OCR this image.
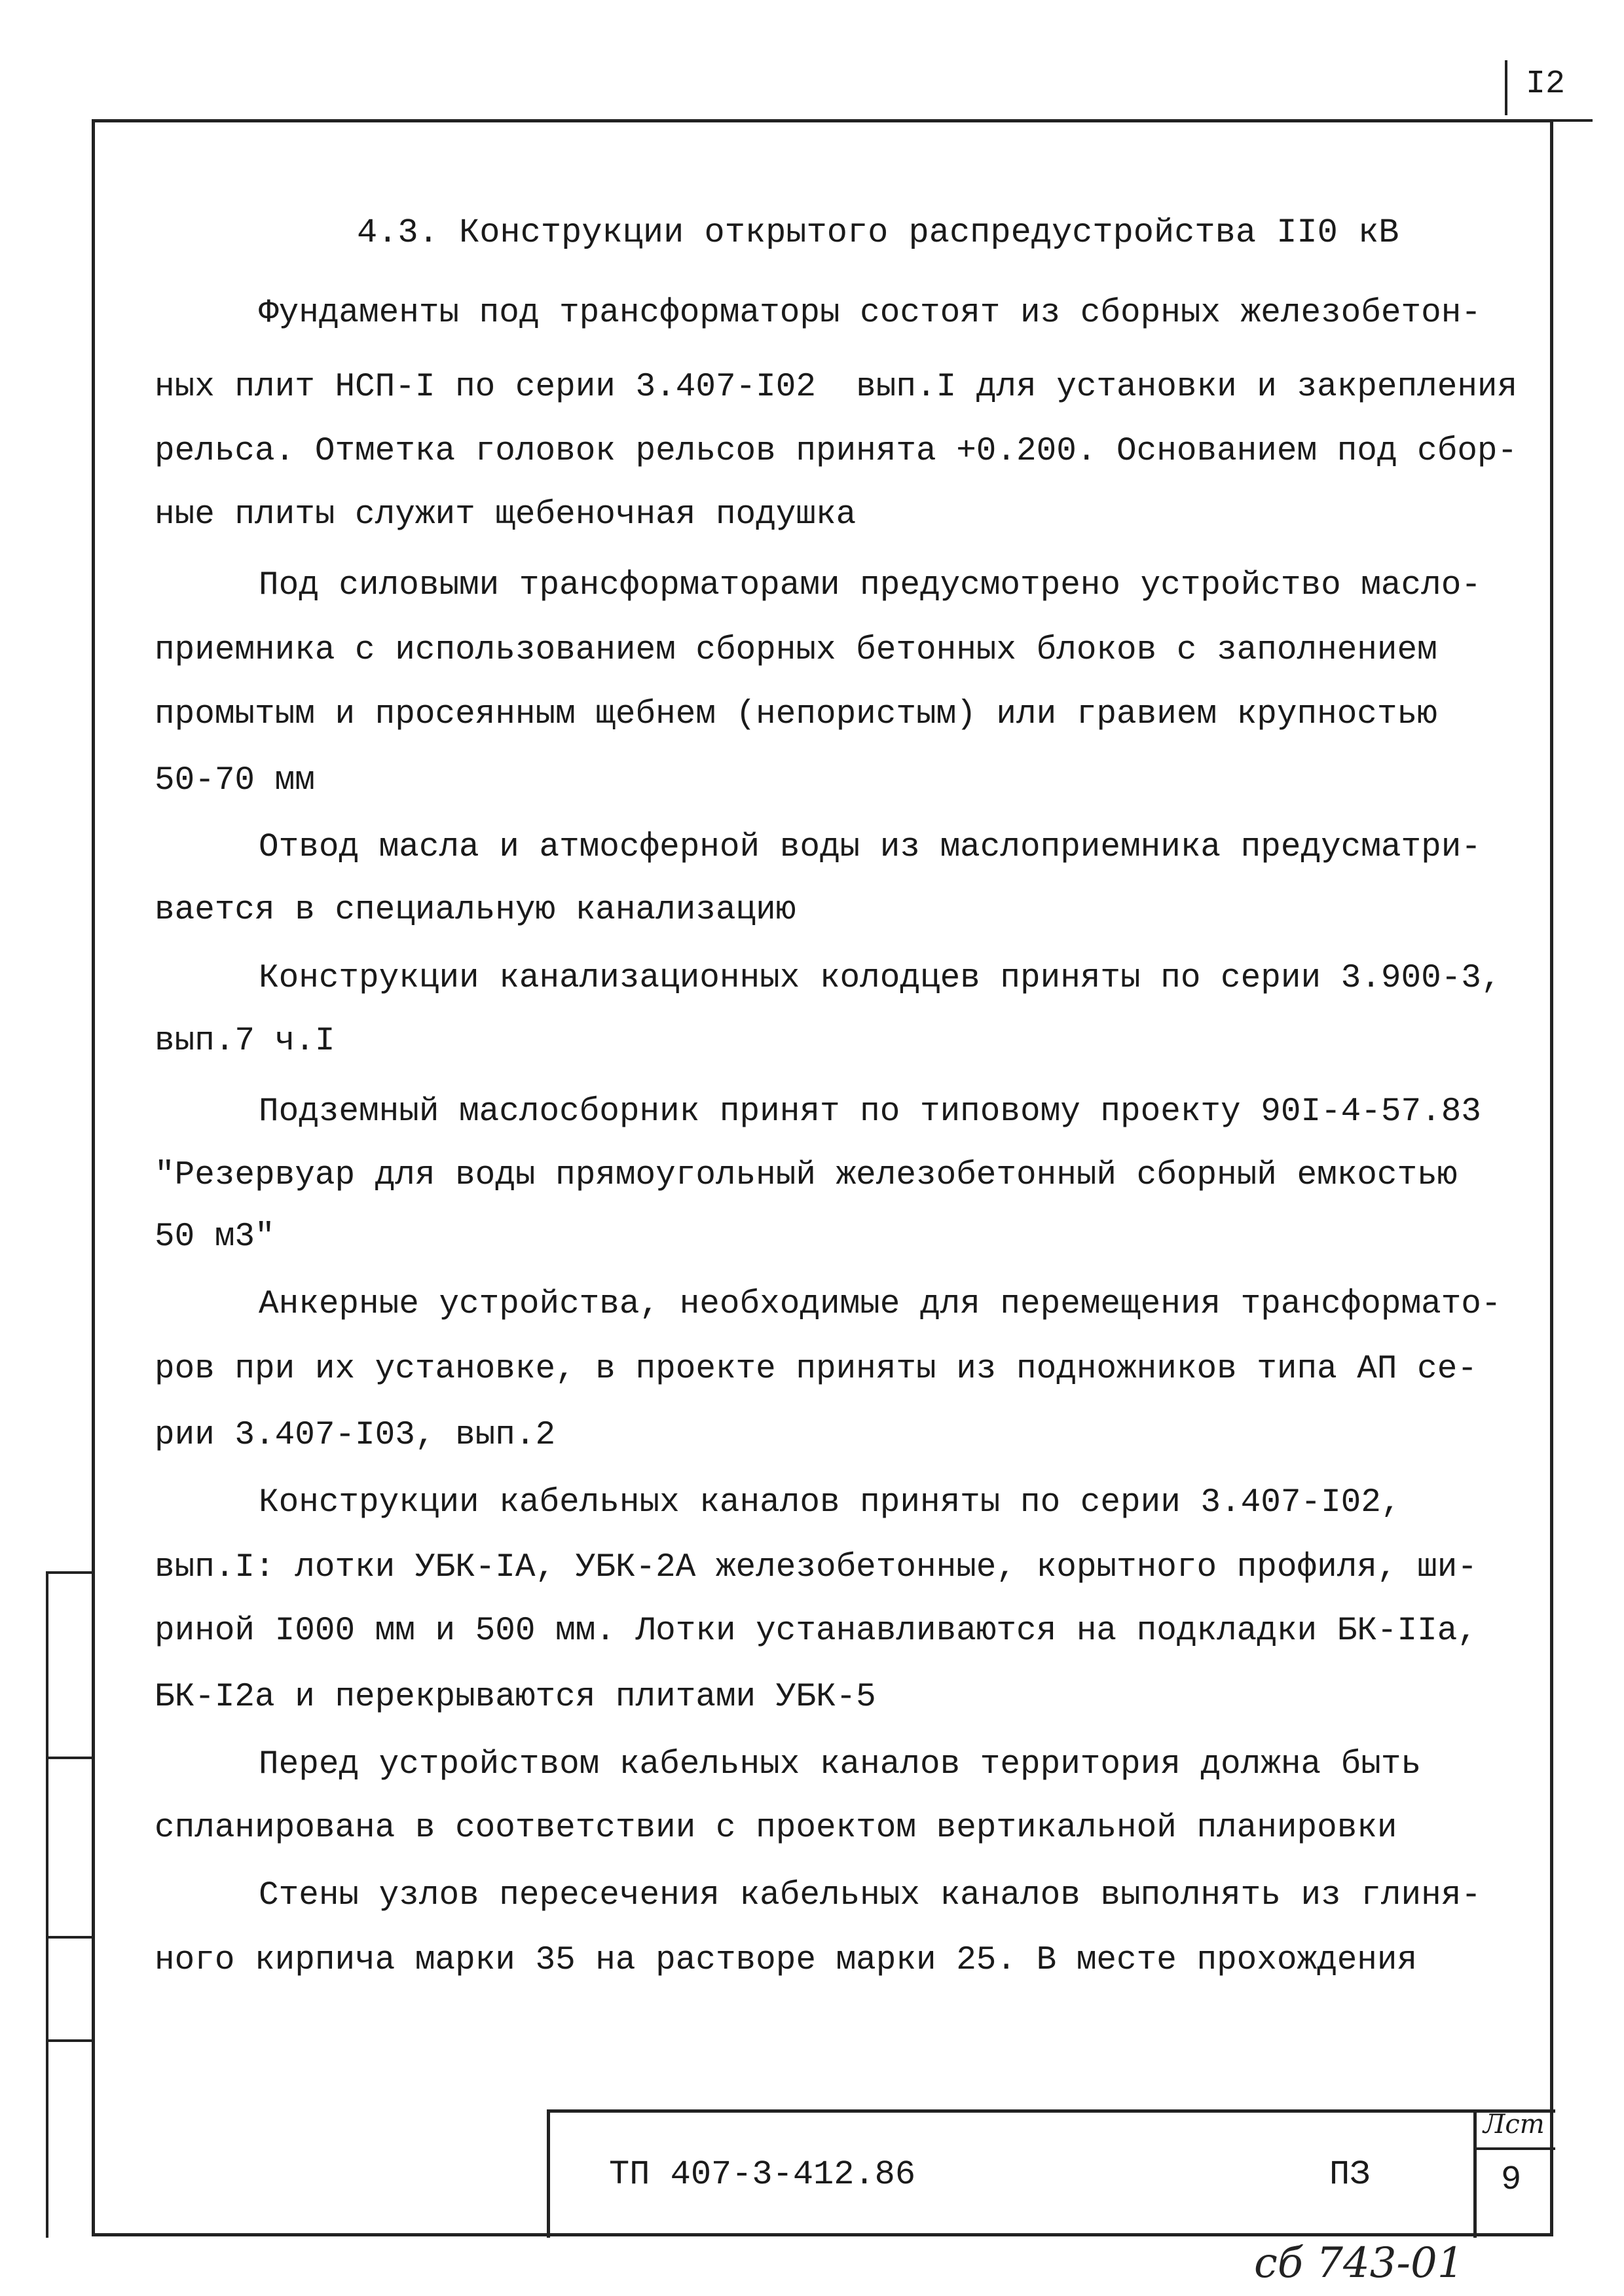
I2
4.3. Конструкции открытого распредустройства II0 кВ
Фундаменты под трансформаторы состоят из сборных железобетон-
ных плит НСП-I по серии 3.407-I02  вып.I для установки и закрепления
рельса. Отметка головок рельсов принята +0.200. Основанием под сбор-
ные плиты служит щебеночная подушка
Под силовыми трансформаторами предусмотрено устройство масло-
приемника с использованием сборных бетонных блоков с заполнением
промытым и просеянным щебнем (непористым) или гравием крупностью
50-70 мм
Отвод масла и атмосферной воды из маслоприемника предусматри-
вается в специальную канализацию
Конструкции канализационных колодцев приняты по серии 3.900-3,
вып.7 ч.I
Подземный маслосборник принят по типовому проекту 90I-4-57.83
"Резервуар для воды прямоугольный железобетонный сборный емкостью
50 м3"
Анкерные устройства, необходимые для перемещения трансформато-
ров при их установке, в проекте приняты из подножников типа АП се-
рии 3.407-I03, вып.2
Конструкции кабельных каналов приняты по серии 3.407-I02,
вып.I: лотки УБК-IA, УБК-2А железобетонные, корытного профиля, ши-
риной I000 мм и 500 мм. Лотки устанавливаются на подкладки БК-IIa,
БК-I2a и перекрываются плитами УБК-5
Перед устройством кабельных каналов территория должна быть
спланирована в соответствии с проектом вертикальной планировки
Стены узлов пересечения кабельных каналов выполнять из глиня-
ного кирпича марки 35 на растворе марки 25. В месте прохождения
ТП 407-3-412.86	ПЗ
Лст
9
сб 743-01
